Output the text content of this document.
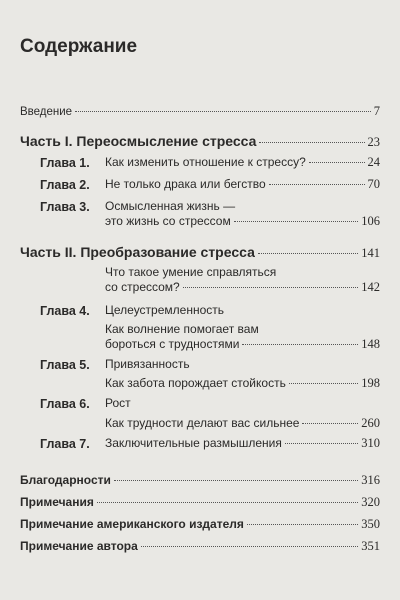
Содержание
Введение	7
Часть I. Переосмысление стресса	23
Глава 1. Как изменить отношение к стрессу?	24
Глава 2. Не только драка или бегство	70
Глава 3. Осмысленная жизнь —
это жизнь со стрессом	106
Часть II. Преобразование стресса	141
Что такое умение справляться
со стрессом?	142
Глава 4. Целеустремленность
Как волнение помогает вам
бороться с трудностями	148
Глава 5. Привязанность
Как забота порождает стойкость	198
Глава 6. Рост
Как трудности делают вас сильнее	260
Глава 7. Заключительные размышления	310
Благодарности	316
Примечания	320
Примечание американского издателя	350
Примечание автора	351
